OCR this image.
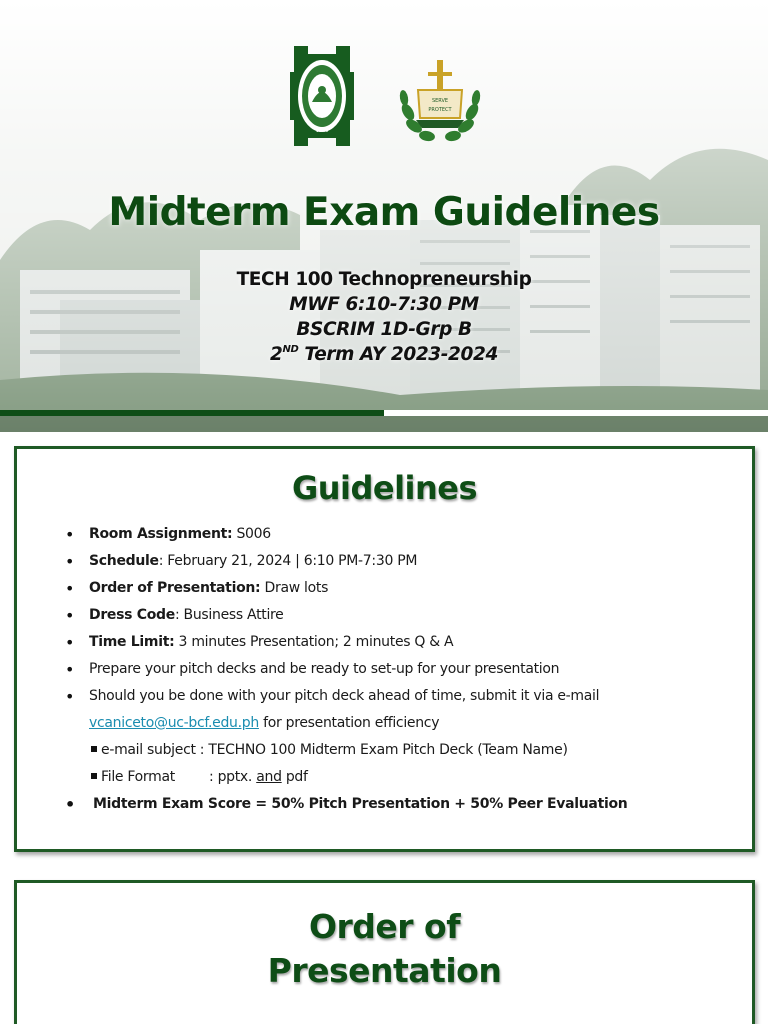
1946
SERVE
PROTECT
Midterm Exam Guidelines
TECH 100 Technopreneurship
MWF 6:10-7:30 PM
BSCRIM 1D-Grp B
2ND Term AY 2023-2024
Guidelines
• Room Assignment: S006
• Schedule: February 21, 2024 | 6:10 PM-7:30 PM
• Order of Presentation: Draw lots
• Dress Code: Business Attire
• Time Limit: 3 minutes Presentation; 2 minutes Q & A
• Prepare your pitch decks and be ready to set-up for your presentation
• Should you be done with your pitch deck ahead of time, submit it via e-mail
vcaniceto@uc-bcf.edu.ph for presentation efficiency
e-mail subject : TECHNO 100 Midterm Exam Pitch Deck (Team Name)
File Format : pptx. and pdf
• Midterm Exam Score = 50% Pitch Presentation + 50% Peer Evaluation
Order of
Presentation
